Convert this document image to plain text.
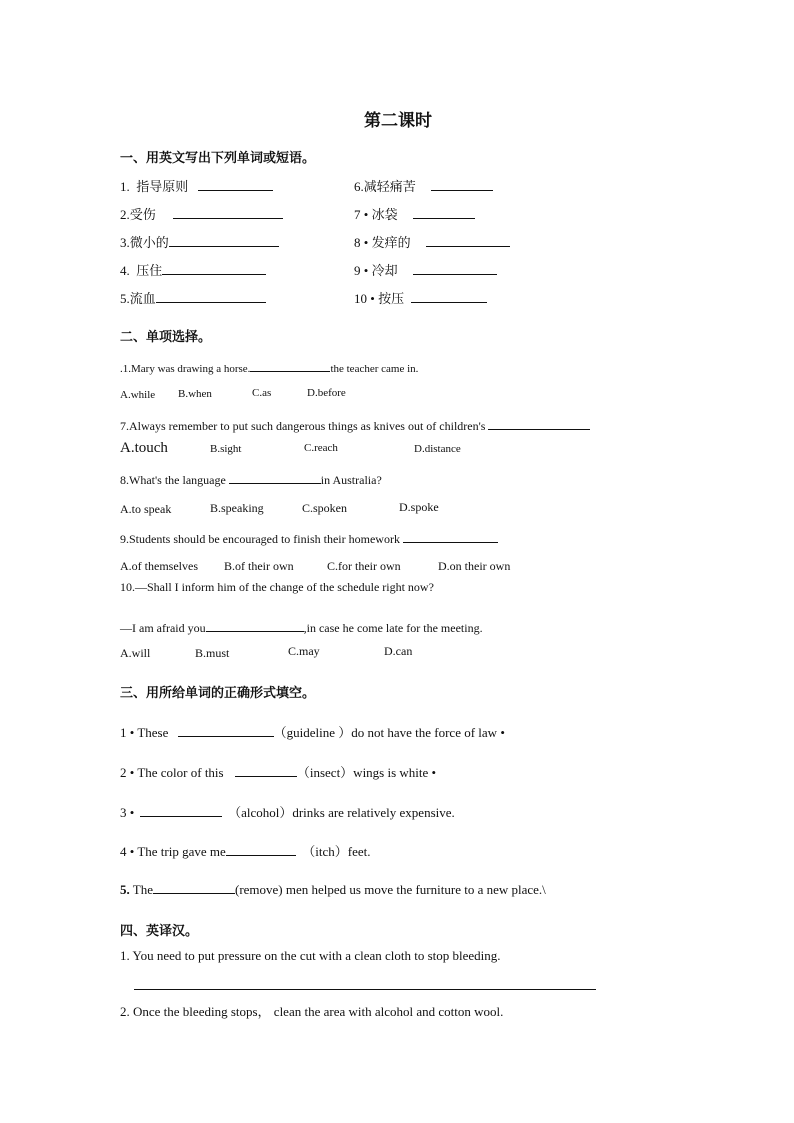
第二课时
一、用英文写出下列单词或短语。
1. 指导原则
2.受伤
3.微小的
4. 压住
5.流血
6.减轻痛苦
7 • 冰袋
8 • 发痒的
9 • 冷却
10 • 按压
二、单项选择。
.1.Mary was drawing a horse.	the teacher came in.
A.while B.when	C.as	D.before
7.Always remember to put such dangerous things as knives out of children's
A.touch	B.sight	C.reach	D.distance
8.What's the language	in Australia?
A.to speak	B.speaking	C.spoken	D.spoke
9.Students should be encouraged to finish their homework
A.of themselves B.of their own	C.for their own	D.on their own
10.—Shall I inform him of the change of the schedule right now?
—I am afraid you	,in case he come late for the meeting.
A.will	B.must	C.may	D.can
三、用所给单词的正确形式填空。
1 • These	（guideline ）do not have the force of law •
2 • The color of this	（insect）wings is white •
3 •	（alcohol）drinks are relatively expensive.
4 • The trip gave me	（itch）feet.
5. The	(remove) men helped us move the furniture to a new place.\
四、英译汉。
1. You need to put pressure on the cut with a clean cloth to stop bleeding.
2. Once the bleeding stops， clean the area with alcohol and cotton wool.
